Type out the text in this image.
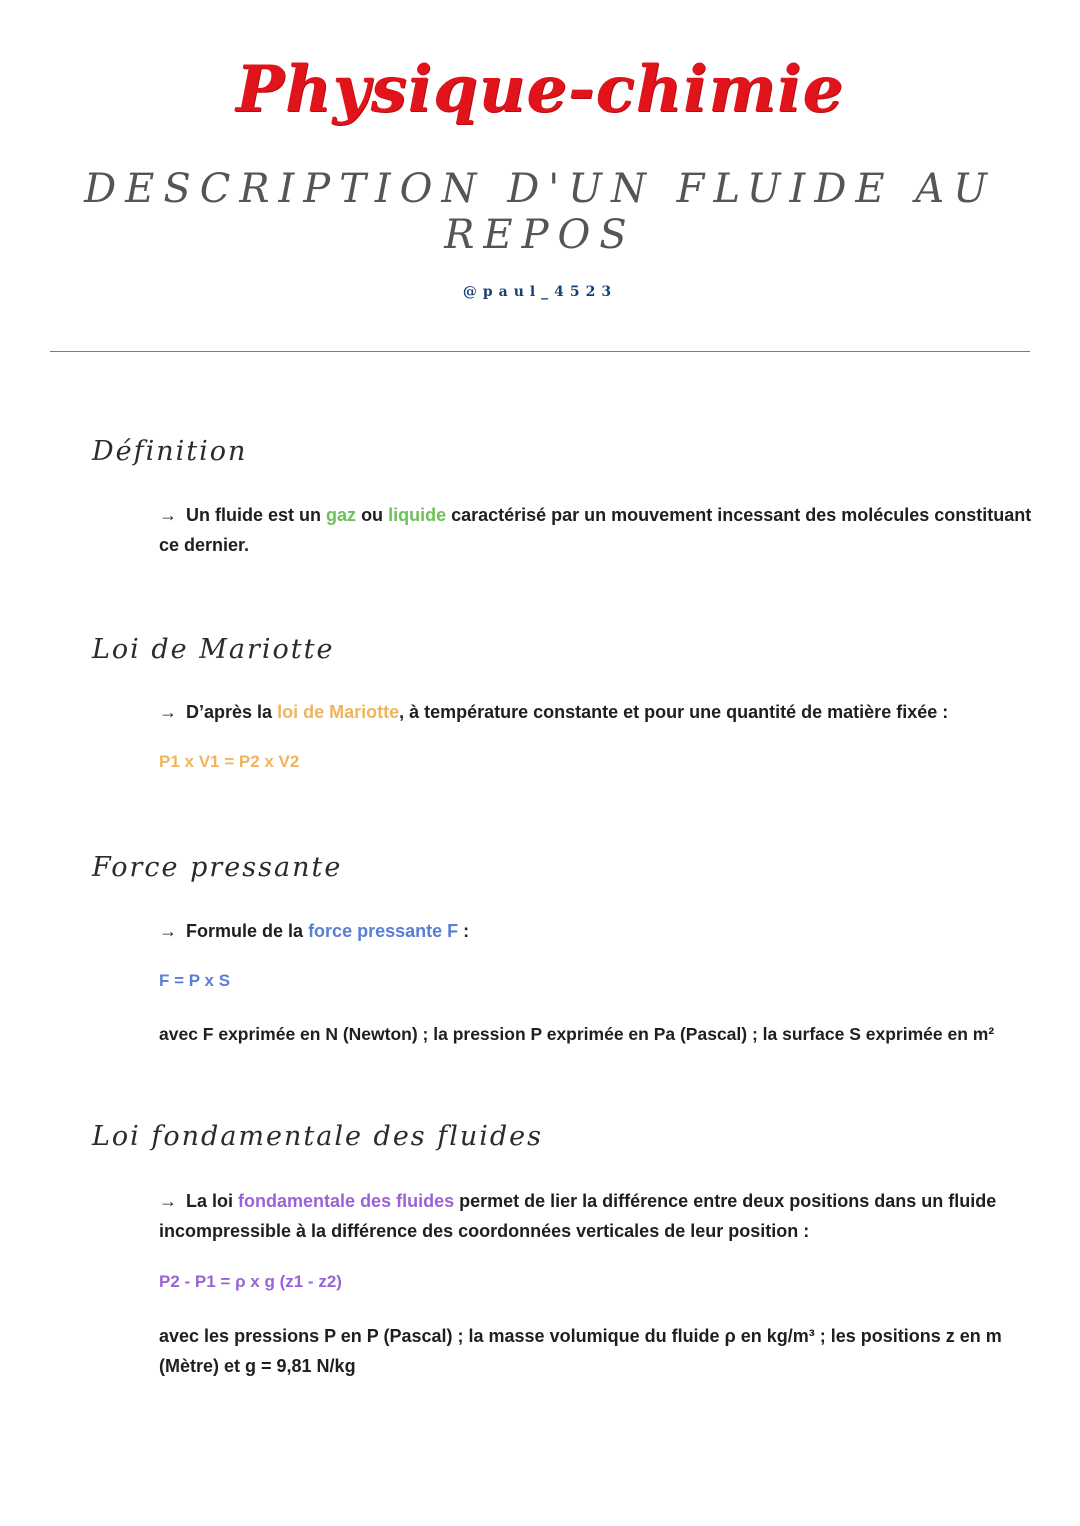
Physique-chimie
DESCRIPTION D'UN FLUIDE AU REPOS
@paul_4523
Définition
→ Un fluide est un gaz ou liquide caractérisé par un mouvement incessant des molécules constituant ce dernier.
Loi de Mariotte
→ D’après la loi de Mariotte, à température constante et pour une quantité de matière fixée :
P1 x V1 = P2 x V2
Force pressante
→ Formule de la force pressante F :
F = P x S
avec F exprimée en N (Newton) ; la pression P exprimée en Pa (Pascal) ; la surface S exprimée en m²
Loi fondamentale des fluides
→ La loi fondamentale des fluides permet de lier la différence entre deux positions dans un fluide incompressible à la différence des coordonnées verticales de leur position :
P2 - P1 = ρ x g (z1 - z2)
avec les pressions P en P (Pascal) ; la masse volumique du fluide ρ en kg/m³ ; les positions z en m (Mètre) et g = 9,81 N/kg
